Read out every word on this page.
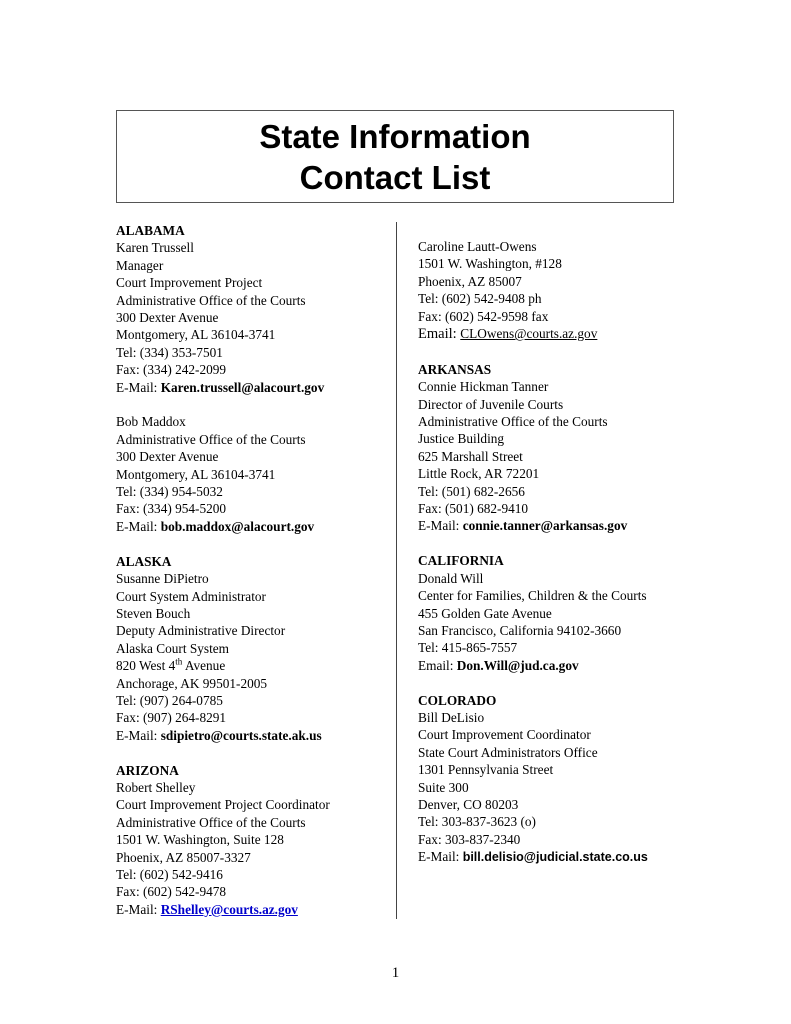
State Information
Contact List
ALABAMA
Karen Trussell
Manager
Court Improvement Project
Administrative Office of the Courts
300 Dexter Avenue
Montgomery, AL 36104-3741
Tel: (334) 353-7501
Fax: (334) 242-2099
E-Mail: Karen.trussell@alacourt.gov
Bob Maddox
Administrative Office of the Courts
300 Dexter Avenue
Montgomery, AL 36104-3741
Tel: (334) 954-5032
Fax: (334) 954-5200
E-Mail: bob.maddox@alacourt.gov
ALASKA
Susanne DiPietro
Court System Administrator
Steven Bouch
Deputy Administrative Director
Alaska Court System
820 West 4th Avenue
Anchorage, AK 99501-2005
Tel: (907) 264-0785
Fax: (907) 264-8291
E-Mail: sdipietro@courts.state.ak.us
ARIZONA
Robert Shelley
Court Improvement Project Coordinator
Administrative Office of the Courts
1501 W. Washington, Suite 128
Phoenix, AZ 85007-3327
Tel: (602) 542-9416
Fax: (602) 542-9478
E-Mail: RShelley@courts.az.gov
Caroline Lautt-Owens
1501 W. Washington, #128
Phoenix, AZ 85007
Tel: (602) 542-9408 ph
Fax: (602) 542-9598 fax
Email: CLOwens@courts.az.gov
ARKANSAS
Connie Hickman Tanner
Director of Juvenile Courts
Administrative Office of the Courts
Justice Building
625 Marshall Street
Little Rock, AR 72201
Tel: (501) 682-2656
Fax: (501) 682-9410
E-Mail: connie.tanner@arkansas.gov
CALIFORNIA
Donald Will
Center for Families, Children & the Courts
455 Golden Gate Avenue
San Francisco, California 94102-3660
Tel: 415-865-7557
Email: Don.Will@jud.ca.gov
COLORADO
Bill DeLisio
Court Improvement Coordinator
State Court Administrators Office
1301 Pennsylvania Street
Suite 300
Denver, CO 80203
Tel: 303-837-3623 (o)
Fax: 303-837-2340
E-Mail: bill.delisio@judicial.state.co.us
1
